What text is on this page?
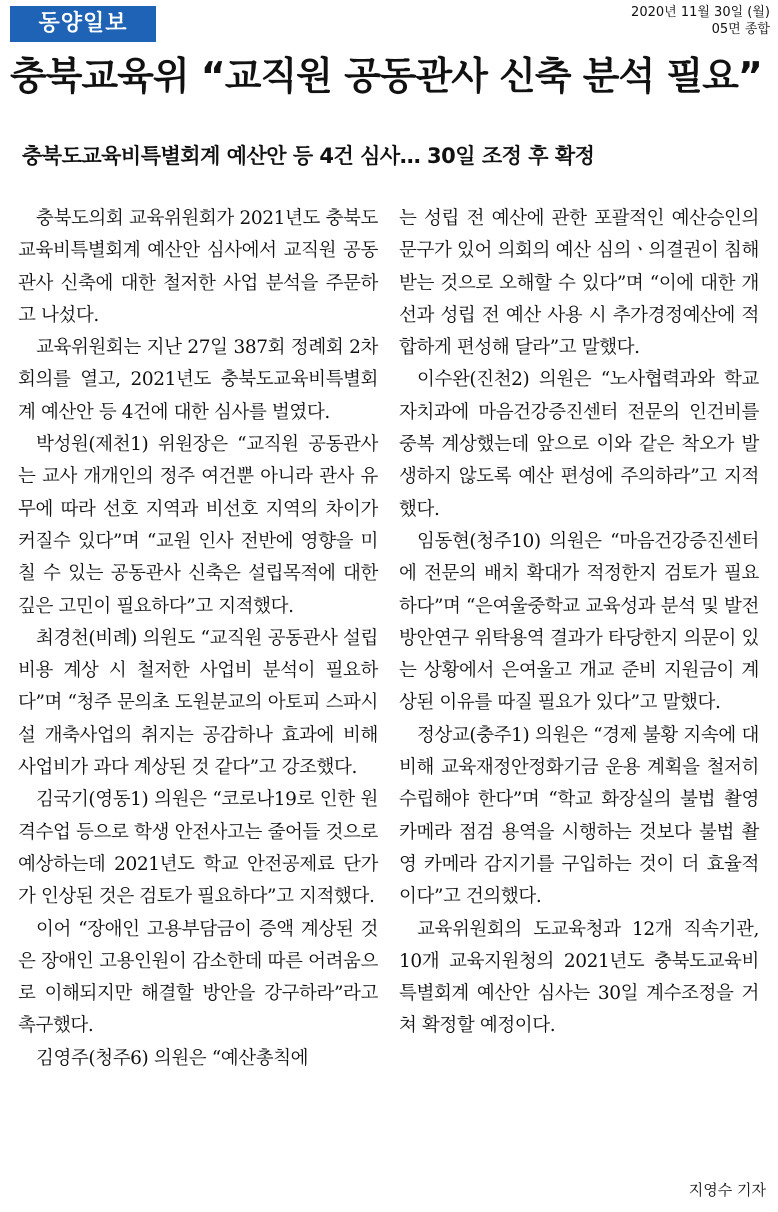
동양일보	2020년 11월 30일 (월)
05면 종합
충북교육위 “교직원 공동관사 신축 분석 필요”
충북도교육비특별회계 예산안 등 4건 심사… 30일 조정 후 확정

충북도의회 교육위원회가 2021년도 충북도교육비특별회계 예산안 심사에서 교직원 공동관사 신축에 대한 철저한 사업 분석을 주문하고 나섰다.

교육위원회는 지난 27일 387회 정례회 2차 회의를 열고, 2021년도 충북도교육비특별회계 예산안 등 4건에 대한 심사를 벌였다.

박성원(제천1) 위원장은 “교직원 공동관사는 교사 개개인의 정주 여건뿐 아니라 관사 유무에 따라 선호 지역과 비선호 지역의 차이가 커질수 있다”며 “교원 인사 전반에 영향을 미칠 수 있는 공동관사 신축은 설립목적에 대한 깊은 고민이 필요하다”고 지적했다.

최경천(비례) 의원도 “교직원 공동관사 설립비용 계상 시 철저한 사업비 분석이 필요하다”며 “청주 문의초 도원분교의 아토피 스파시설 개축사업의 취지는 공감하나 효과에 비해 사업비가 과다 계상된 것 같다”고 강조했다.

김국기(영동1) 의원은 “코로나19로 인한 원격수업 등으로 학생 안전사고는 줄어들 것으로 예상하는데 2021년도 학교 안전공제료 단가가 인상된 것은 검토가 필요하다”고 지적했다.

이어 “장애인 고용부담금이 증액 계상된 것은 장애인 고용인원이 감소한데 따른 어려움으로 이해되지만 해결할 방안을 강구하라”라고 촉구했다.

김영주(청주6) 의원은 “예산총칙에

는 성립 전 예산에 관한 포괄적인 예산승인의 문구가 있어 의회의 예산 심의ㆍ의결권이 침해받는 것으로 오해할 수 있다”며 “이에 대한 개선과 성립 전 예산 사용 시 추가경정예산에 적합하게 편성해 달라”고 말했다.

이수완(진천2) 의원은 “노사협력과와 학교자치과에 마음건강증진센터 전문의 인건비를 중복 계상했는데 앞으로 이와 같은 착오가 발생하지 않도록 예산 편성에 주의하라”고 지적했다.

임동현(청주10) 의원은 “마음건강증진센터에 전문의 배치 확대가 적정한지 검토가 필요하다”며 “은여울중학교 교육성과 분석 및 발전방안연구 위탁용역 결과가 타당한지 의문이 있는 상황에서 은여울고 개교 준비 지원금이 계상된 이유를 따질 필요가 있다”고 말했다.

정상교(충주1) 의원은 “경제 불황 지속에 대비해 교육재정안정화기금 운용 계획을 철저히 수립해야 한다”며 “학교 화장실의 불법 촬영 카메라 점검 용역을 시행하는 것보다 불법 촬영 카메라 감지기를 구입하는 것이 더 효율적이다”고 건의했다.

교육위원회의 도교육청과 12개 직속기관, 10개 교육지원청의 2021년도 충북도교육비특별회계 예산안 심사는 30일 계수조정을 거쳐 확정할 예정이다.

지영수 기자
